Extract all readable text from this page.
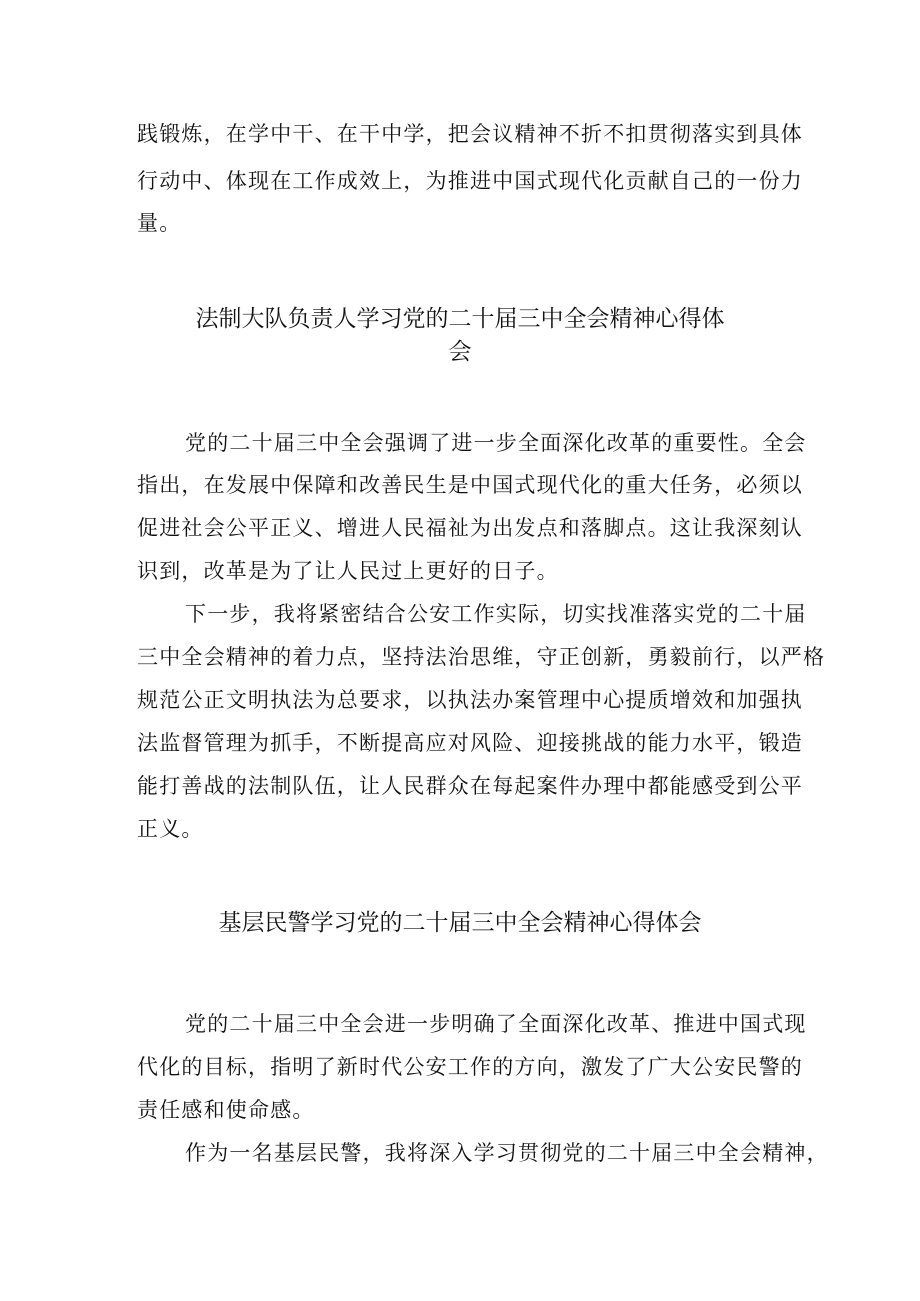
践锻炼，在学中干、在干中学，把会议精神不折不扣贯彻落实到具体
行动中、体现在工作成效上，为推进中国式现代化贡献自己的一份力
量。
法制大队负责人学习党的二十届三中全会精神心得体
会
党的二十届三中全会强调了进一步全面深化改革的重要性。全会
指出，在发展中保障和改善民生是中国式现代化的重大任务，必须以
促进社会公平正义、增进人民福祉为出发点和落脚点。这让我深刻认
识到，改革是为了让人民过上更好的日子。
下一步，我将紧密结合公安工作实际，切实找准落实党的二十届
三中全会精神的着力点，坚持法治思维，守正创新，勇毅前行，以严格
规范公正文明执法为总要求，以执法办案管理中心提质增效和加强执
法监督管理为抓手，不断提高应对风险、迎接挑战的能力水平，锻造
能打善战的法制队伍，让人民群众在每起案件办理中都能感受到公平
正义。
基层民警学习党的二十届三中全会精神心得体会
党的二十届三中全会进一步明确了全面深化改革、推进中国式现
代化的目标，指明了新时代公安工作的方向，激发了广大公安民警的
责任感和使命感。
作为一名基层民警，我将深入学习贯彻党的二十届三中全会精神，
